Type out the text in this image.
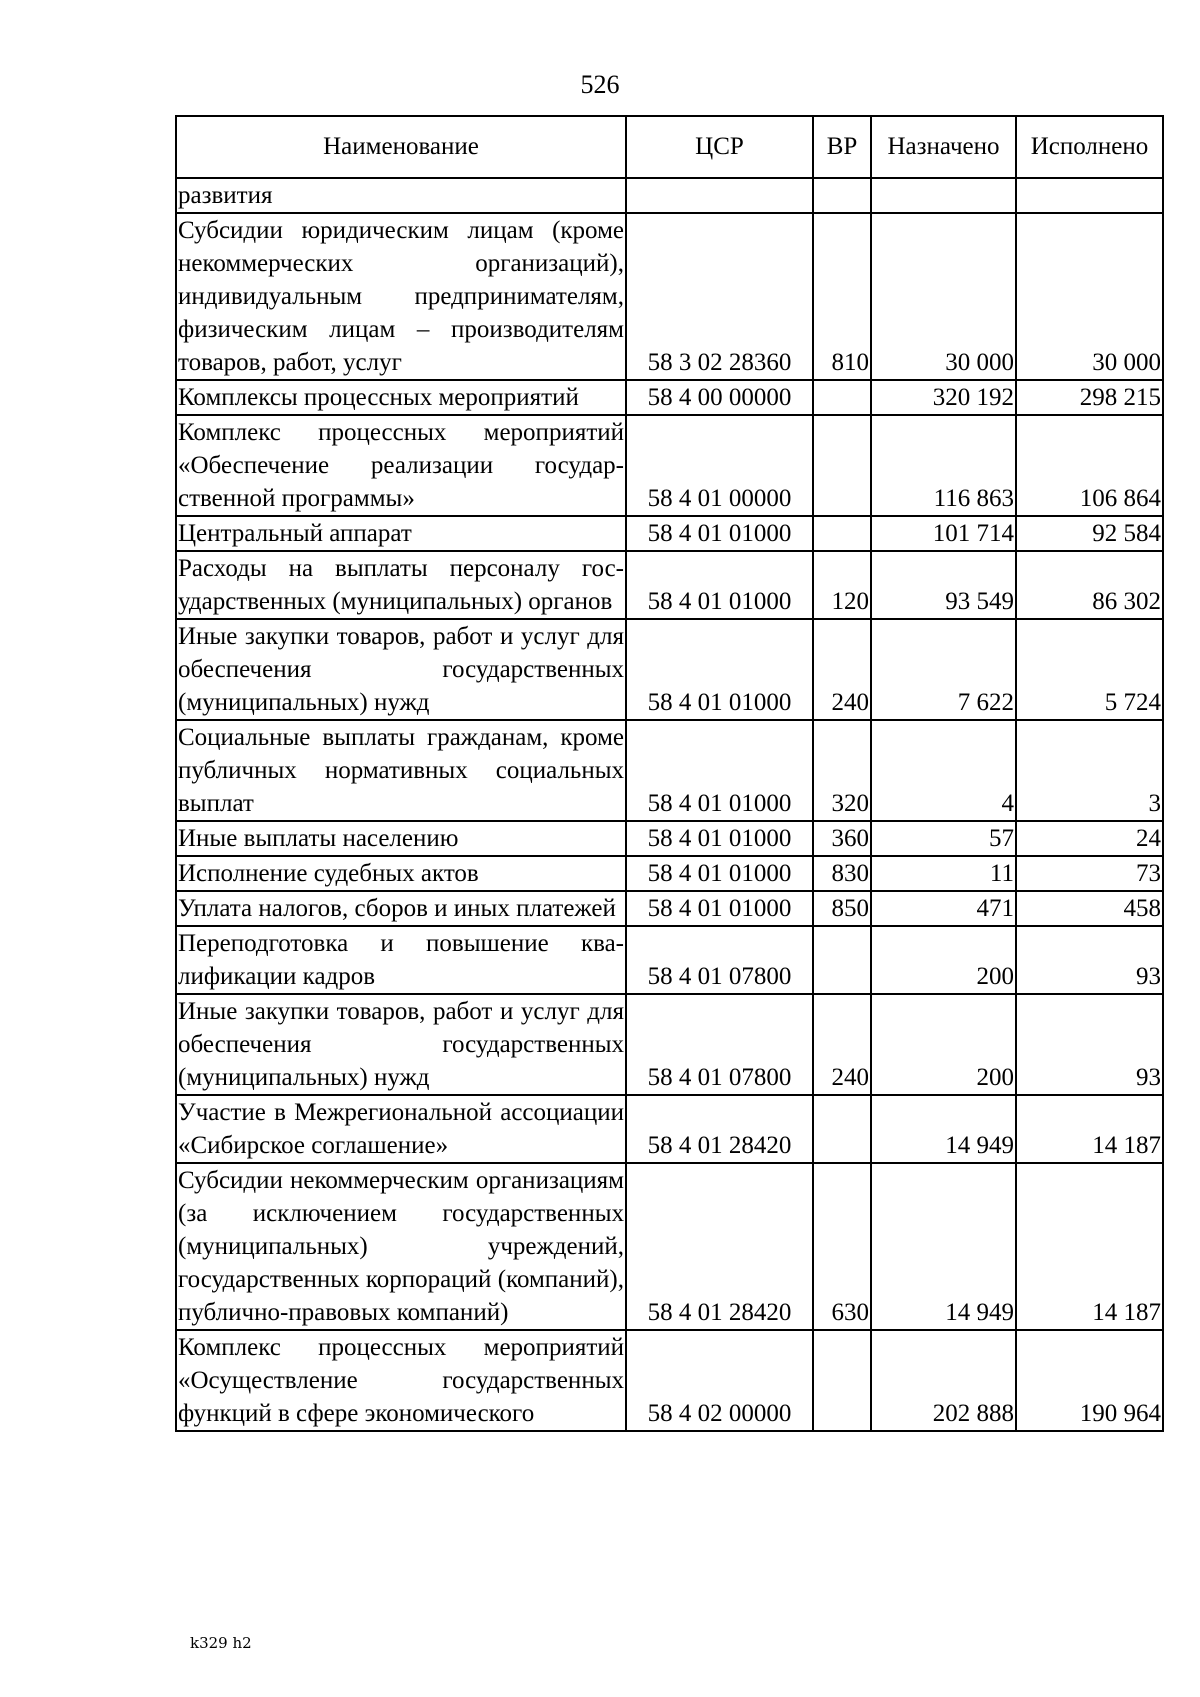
526
Наименование	ЦСР	ВР	Назначено	Исполнено
развития				
Субсидии юридическим лицам (кроме некоммерческих организаций), индивидуальным предпринимателям, физическим лицам – производителям товаров, работ, услуг	58 3 02 28360	810	30 000	30 000
Комплексы процессных мероприятий	58 4 00 00000		320 192	298 215
Комплекс процессных мероприятий «Обеспечение реализации государственной программы»	58 4 01 00000		116 863	106 864
Центральный аппарат	58 4 01 01000		101 714	92 584
Расходы на выплаты персоналу государственных (муниципальных) органов	58 4 01 01000	120	93 549	86 302
Иные закупки товаров, работ и услуг для обеспечения государственных (муниципальных) нужд	58 4 01 01000	240	7 622	5 724
Социальные выплаты гражданам, кроме публичных нормативных социальных выплат	58 4 01 01000	320	4	3
Иные выплаты населению	58 4 01 01000	360	57	24
Исполнение судебных актов	58 4 01 01000	830	11	73
Уплата налогов, сборов и иных платежей	58 4 01 01000	850	471	458
Переподготовка и повышение квалификации кадров	58 4 01 07800		200	93
Иные закупки товаров, работ и услуг для обеспечения государственных (муниципальных) нужд	58 4 01 07800	240	200	93
Участие в Межрегиональной ассоциации «Сибирское соглашение»	58 4 01 28420		14 949	14 187
Субсидии некоммерческим организациям (за исключением государственных (муниципальных) учреждений, государственных корпораций (компаний), публично-правовых компаний)	58 4 01 28420	630	14 949	14 187
Комплекс процессных мероприятий «Осуществление государственных функций в сфере экономического	58 4 02 00000		202 888	190 964
k329 h2
